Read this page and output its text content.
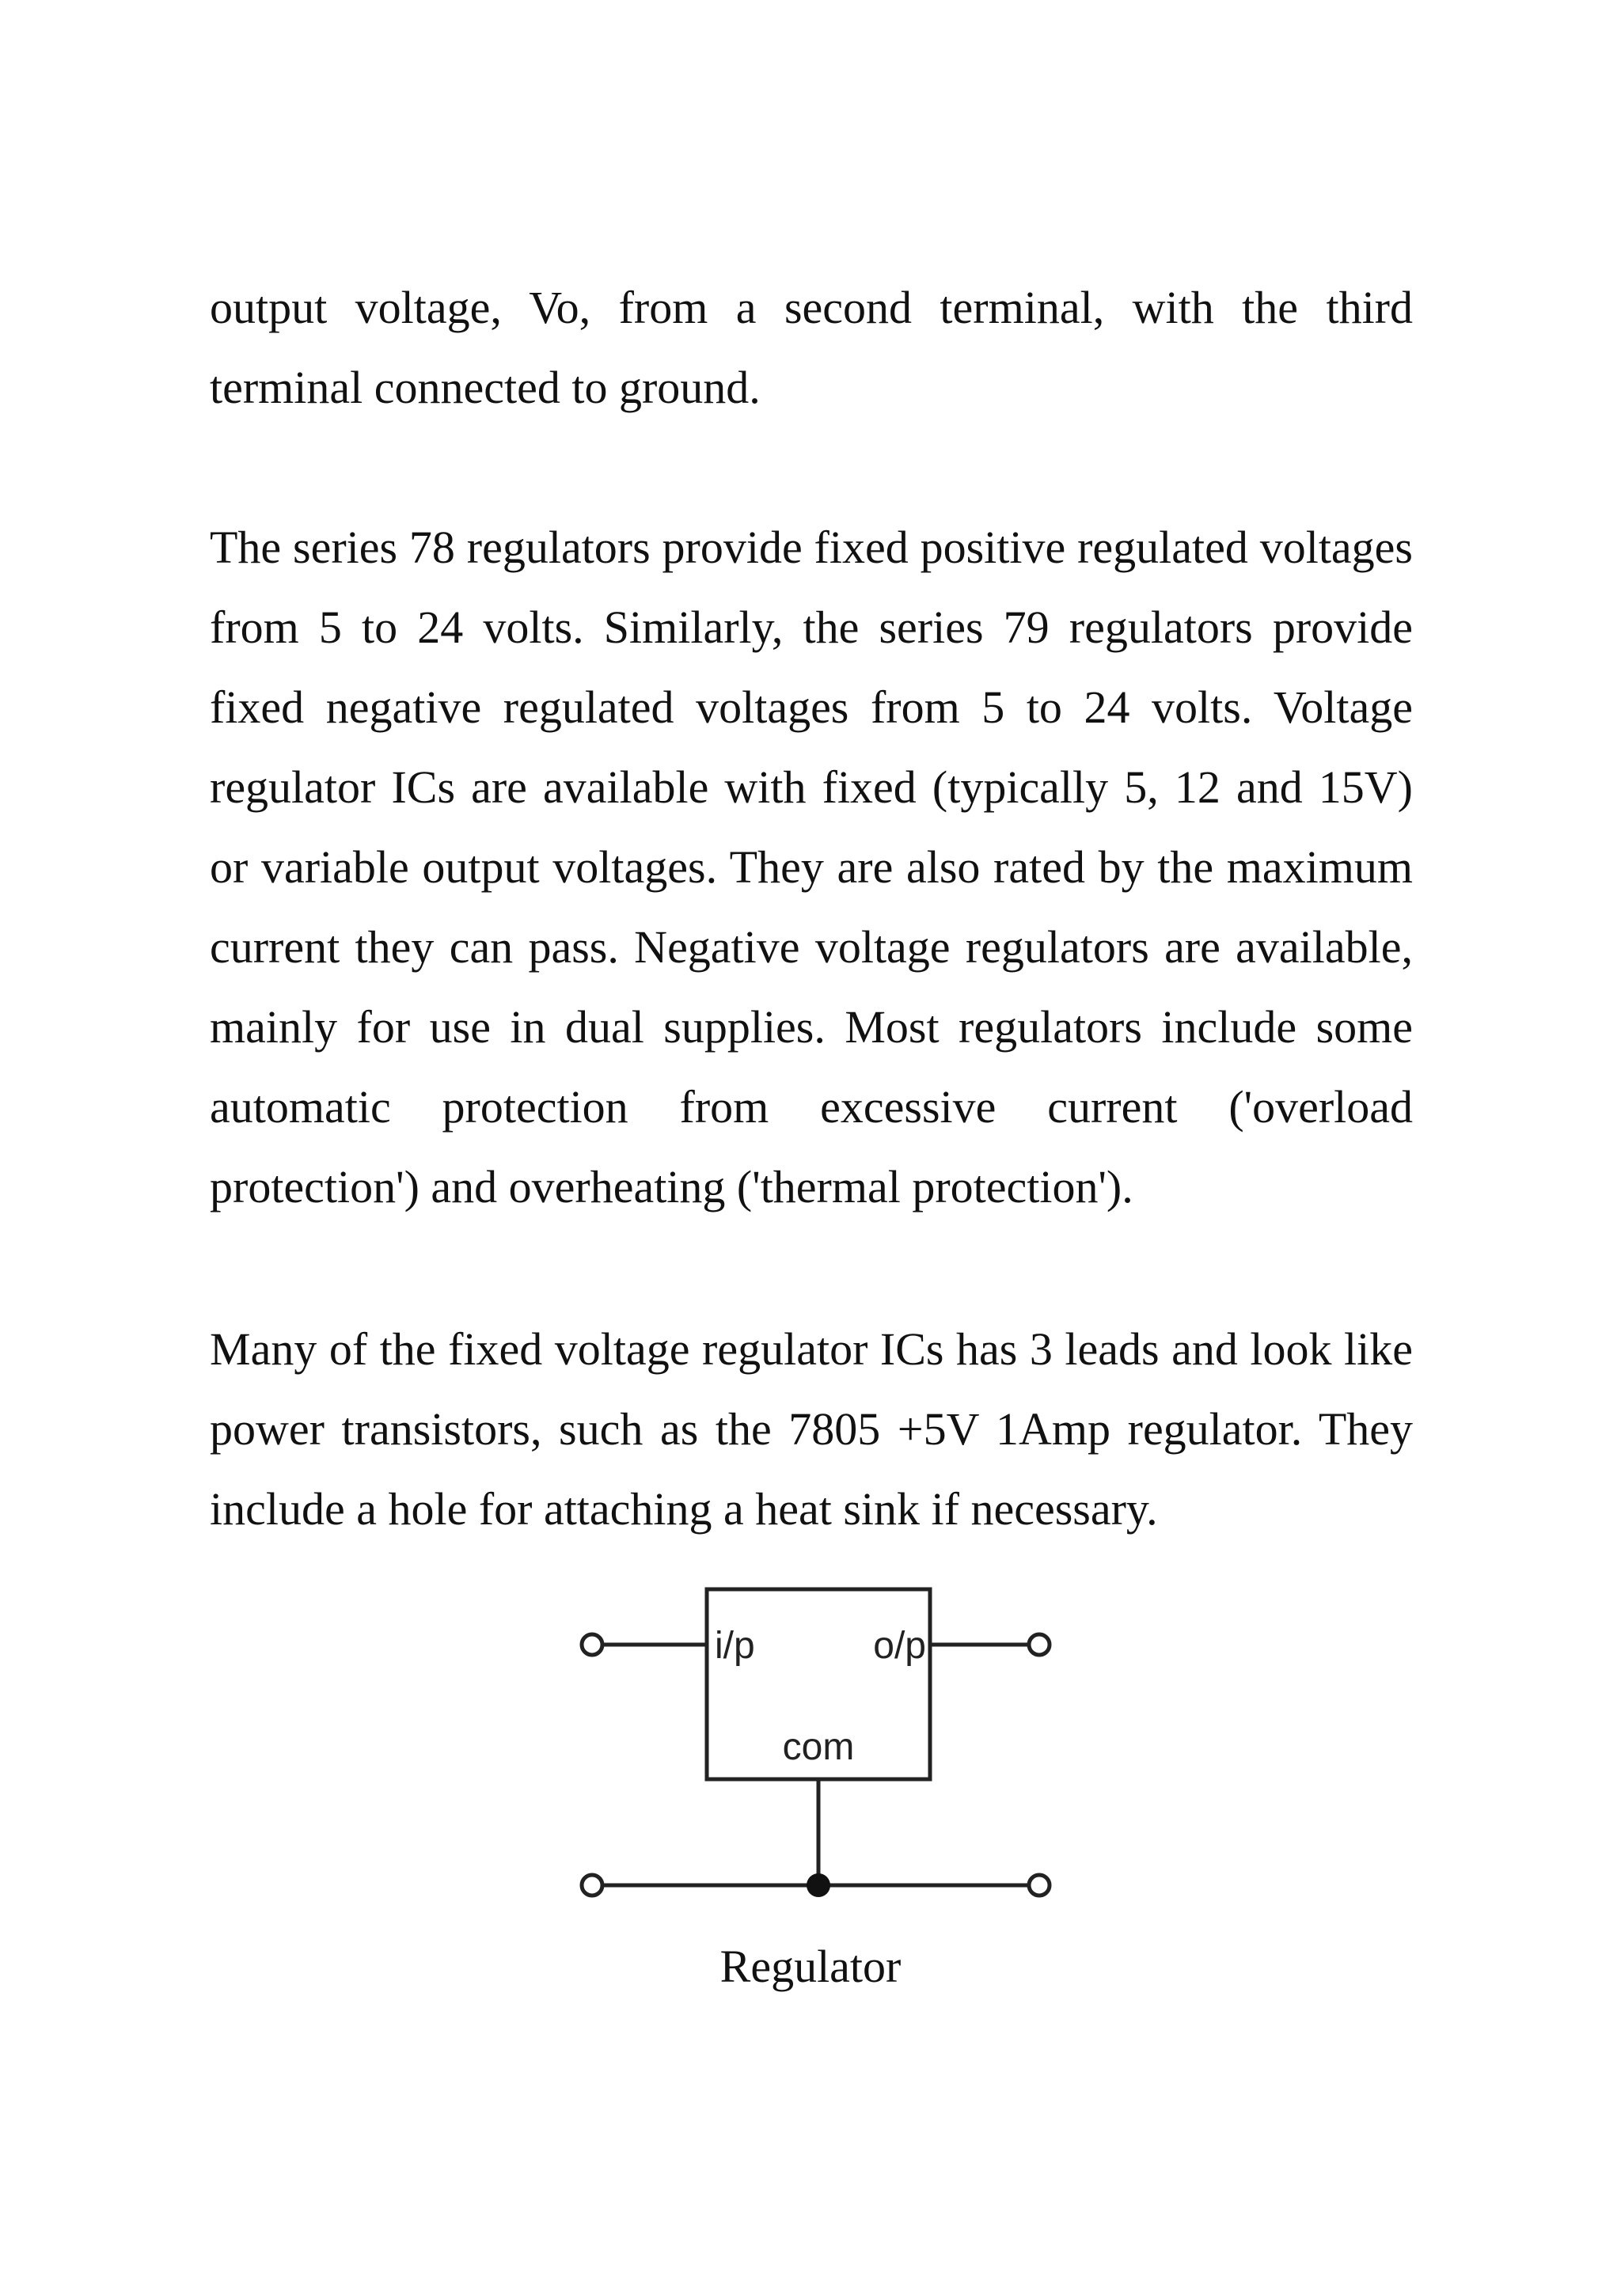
output voltage, Vo, from a second terminal, with the third terminal connected to ground.

The series 78 regulators provide fixed positive regulated voltages from 5 to 24 volts. Similarly, the series 79 regulators provide fixed negative regulated voltages from 5 to 24 volts. Voltage regulator ICs are available with fixed (typically 5, 12 and 15V) or variable output voltages. They are also rated by the maximum current they can pass. Negative voltage regulators are available, mainly for use in dual supplies. Most regulators include some automatic protection from excessive current ('overload protection') and overheating ('thermal protection').

Many of the fixed voltage regulator ICs has 3 leads and look like power transistors, such as the 7805 +5V 1Amp regulator. They include a hole for attaching a heat sink if necessary.

i/p	o/p
com
Regulator
